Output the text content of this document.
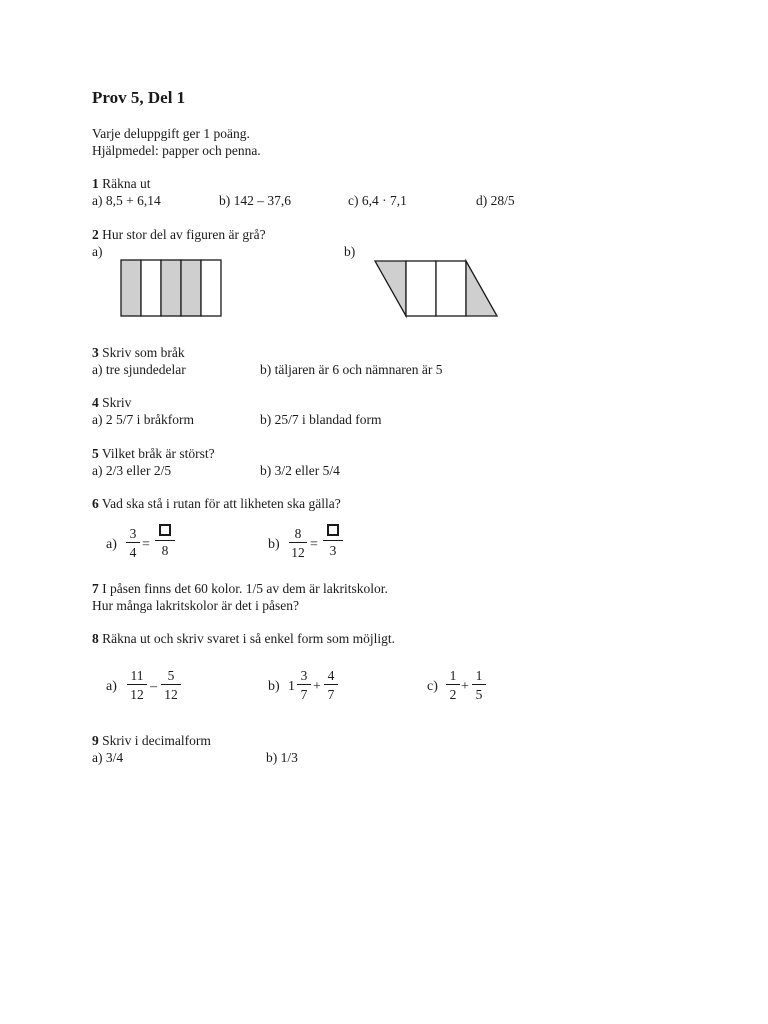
Prov 5, Del 1
Varje deluppgift ger 1 poäng.
Hjälpmedel: papper och penna.
1 Räkna ut
a) 8,5 + 6,14	b) 142 – 37,6	c) 6,4 · 7,1	d) 28/5
2 Hur stor del av figuren är grå?
a)	b)
3 Skriv som bråk
a) tre sjundedelar	b) täljaren är 6 och nämnaren är 5
4 Skriv
a) 2 5/7 i bråkform	b) 25/7 i blandad form
5 Vilket bråk är störst?
a) 2/3 eller 2/5	b) 3/2 eller 5/4
6 Vad ska stå i rutan för att likheten ska gälla?
a)
3
4
= 8	b)
8
12
= 3
7 I påsen finns det 60 kolor. 1/5 av dem är lakritskolor.
Hur många lakritskolor är det i påsen?
8 Räkna ut och skriv svaret i så enkel form som möjligt.
a)
11
12
–
5
12
b) 1
3
7
+
4
7
c)
1
2
+
1
5
9 Skriv i decimalform
a) 3/4	b) 1/3
